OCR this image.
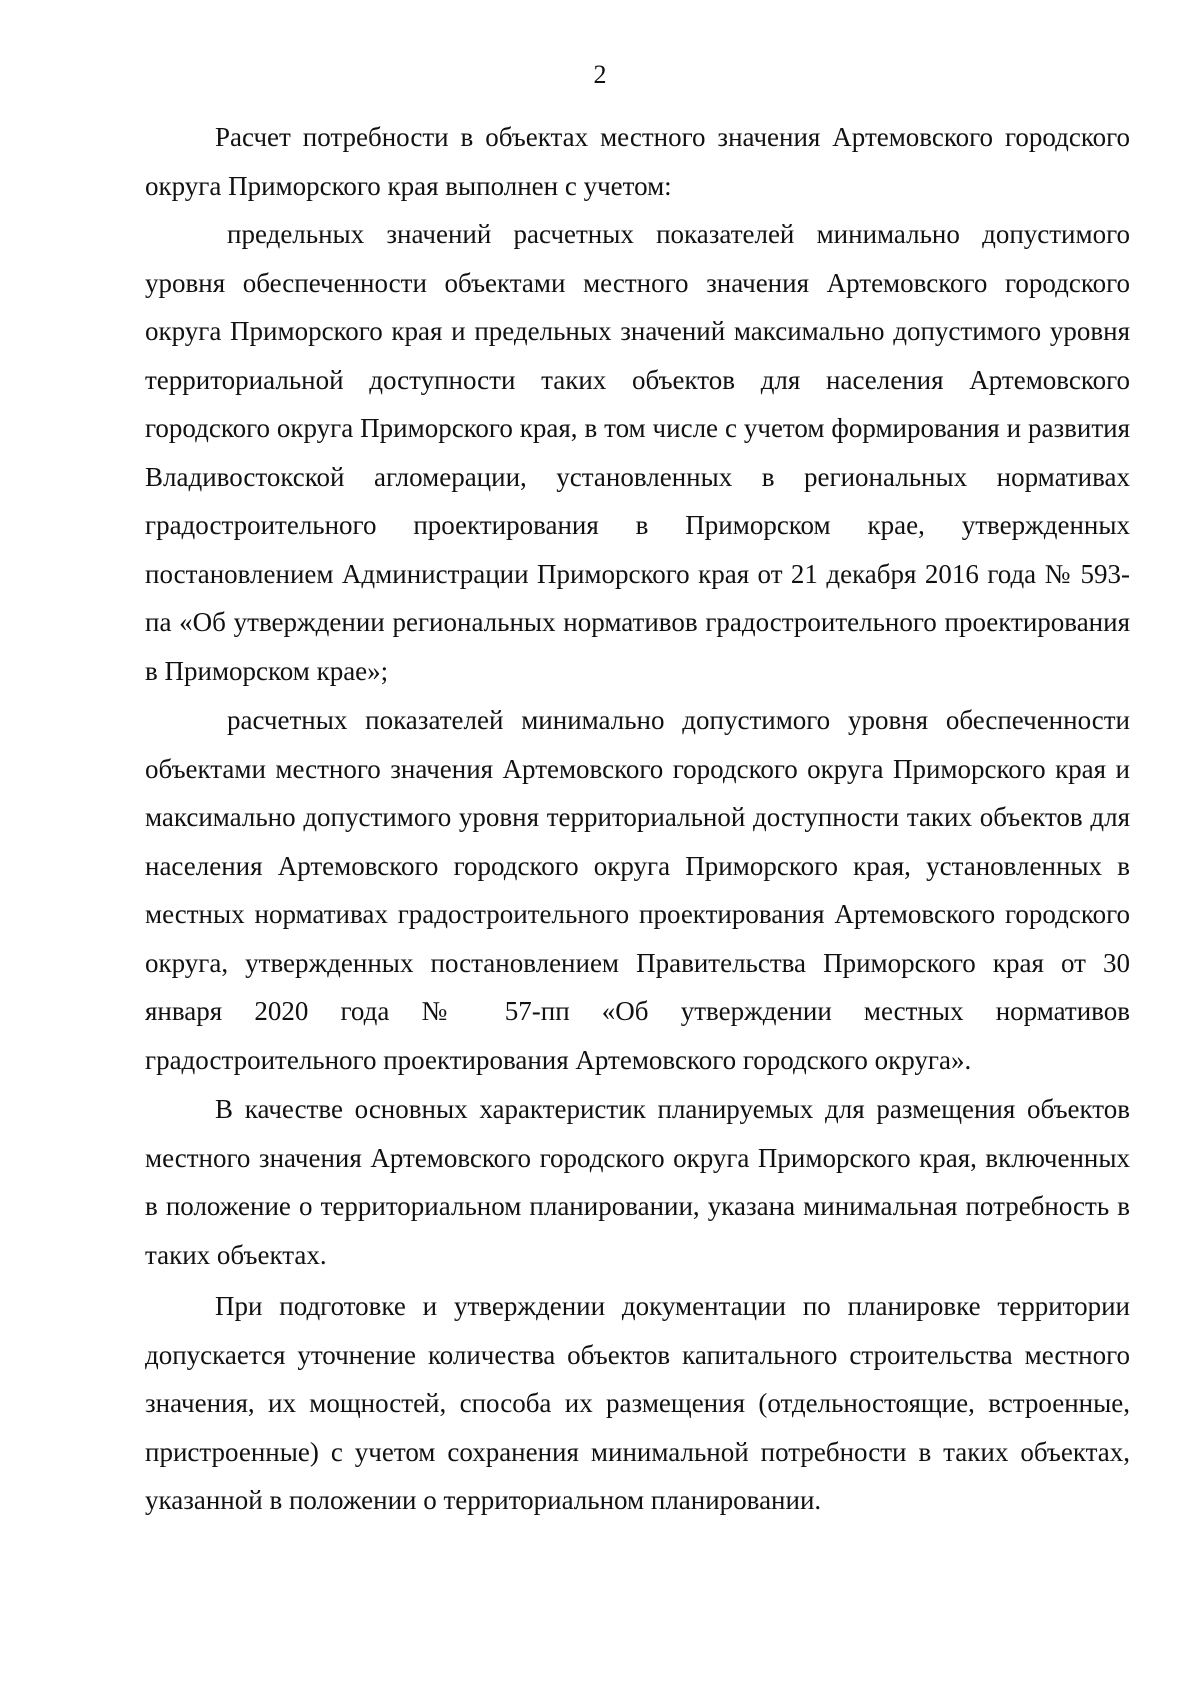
2

Расчет потребности в объектах местного значения Артемовского городского округа Приморского края выполнен с учетом:

предельных значений расчетных показателей минимально допустимого уровня обеспеченности объектами местного значения Артемовского городского округа Приморского края и предельных значений максимально допустимого уровня территориальной доступности таких объектов для населения Артемовского городского округа Приморского края, в том числе с учетом формирования и развития Владивостокской агломерации, установленных в региональных нормативах градостроительного проектирования в Приморском крае, утвержденных постановлением Администрации Приморского края от 21 декабря 2016 года № 593-па «Об утверждении региональных нормативов градостроительного проектирования в Приморском крае»;

расчетных показателей минимально допустимого уровня обеспеченности объектами местного значения Артемовского городского округа Приморского края и максимально допустимого уровня территориальной доступности таких объектов для населения Артемовского городского округа Приморского края, установленных в местных нормативах градостроительного проектирования Артемовского городского округа, утвержденных постановлением Правительства Приморского края от 30 января 2020 года № 57-пп «Об утверждении местных нормативов градостроительного проектирования Артемовского городского округа».

В качестве основных характеристик планируемых для размещения объектов местного значения Артемовского городского округа Приморского края, включенных в положение о территориальном планировании, указана минимальная потребность в таких объектах.

При подготовке и утверждении документации по планировке территории допускается уточнение количества объектов капитального строительства местного значения, их мощностей, способа их размещения (отдельностоящие, встроенные, пристроенные) с учетом сохранения минимальной потребности в таких объектах, указанной в положении о территориальном планировании.
